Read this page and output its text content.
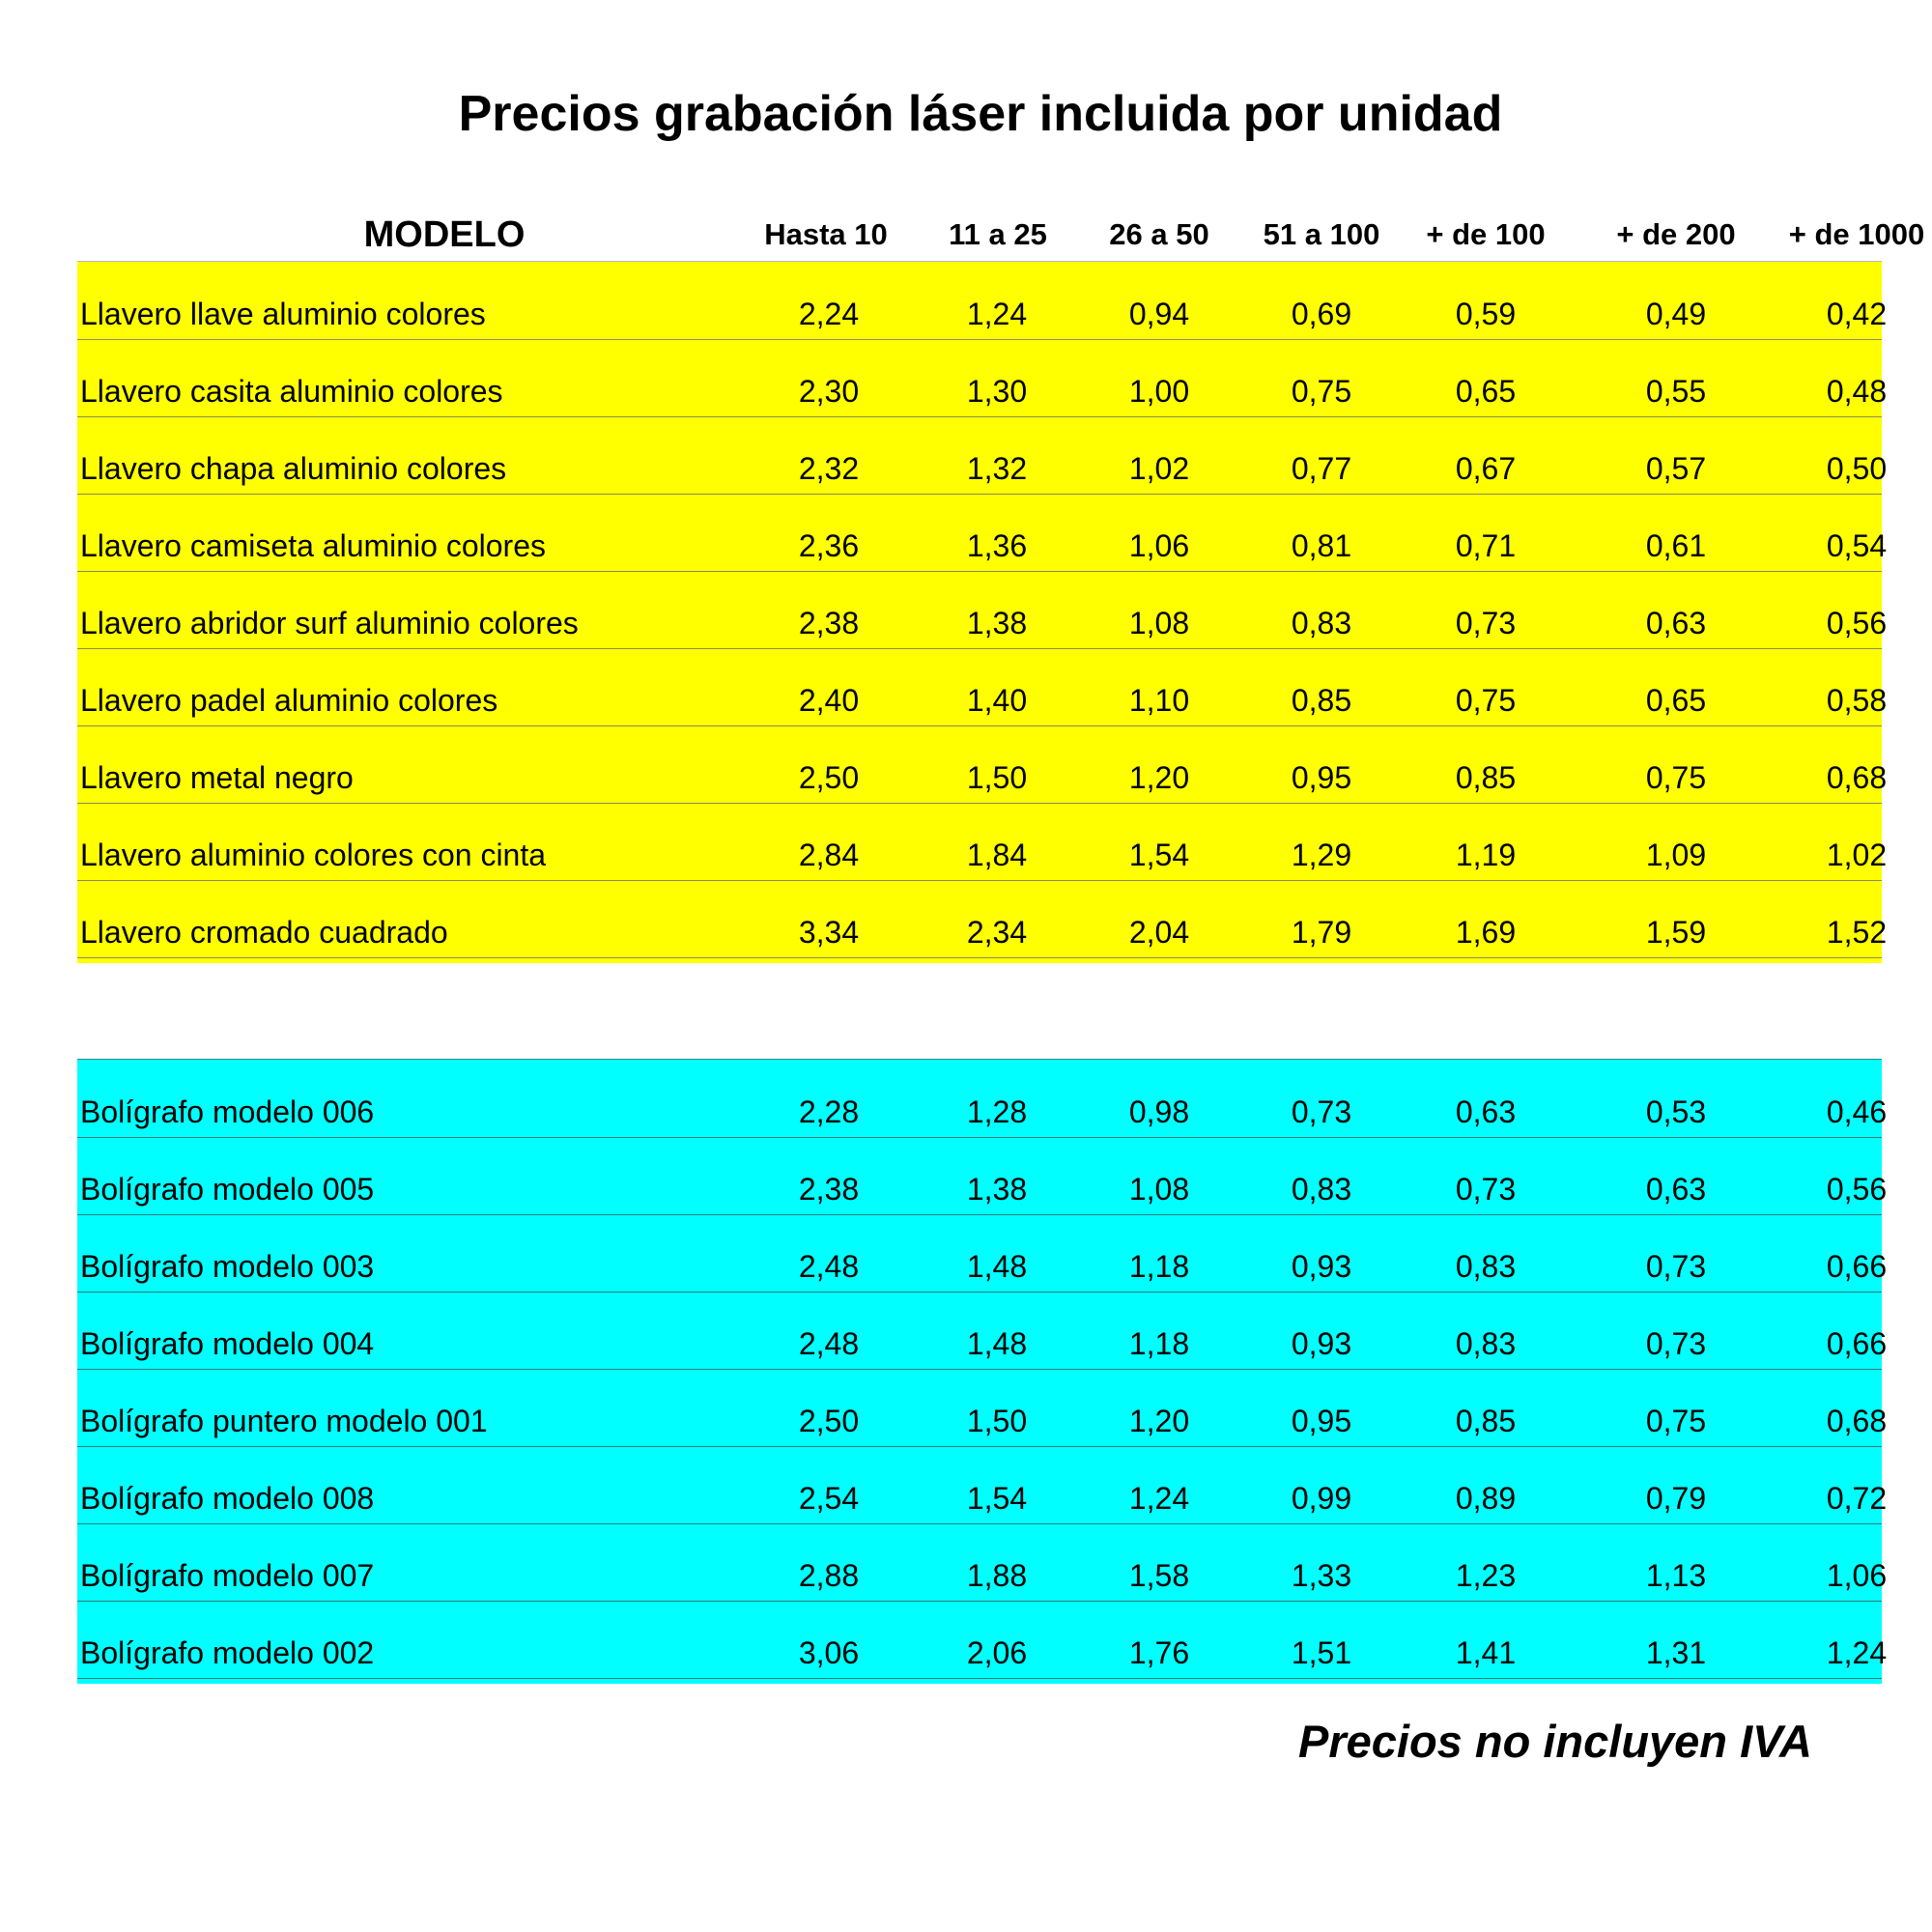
Precios grabación láser incluida por unidad
MODELO	Hasta 10	11 a 25	26 a 50	51 a 100	+ de 100	+ de 200	+ de 1000
Llavero llave aluminio colores	2,24	1,24	0,94	0,69	0,59	0,49	0,42
Llavero casita aluminio colores	2,30	1,30	1,00	0,75	0,65	0,55	0,48
Llavero chapa aluminio colores	2,32	1,32	1,02	0,77	0,67	0,57	0,50
Llavero camiseta aluminio colores	2,36	1,36	1,06	0,81	0,71	0,61	0,54
Llavero abridor surf aluminio colores	2,38	1,38	1,08	0,83	0,73	0,63	0,56
Llavero padel aluminio colores	2,40	1,40	1,10	0,85	0,75	0,65	0,58
Llavero metal negro	2,50	1,50	1,20	0,95	0,85	0,75	0,68
Llavero aluminio colores con cinta	2,84	1,84	1,54	1,29	1,19	1,09	1,02
Llavero cromado cuadrado	3,34	2,34	2,04	1,79	1,69	1,59	1,52
Bolígrafo modelo 006	2,28	1,28	0,98	0,73	0,63	0,53	0,46
Bolígrafo modelo 005	2,38	1,38	1,08	0,83	0,73	0,63	0,56
Bolígrafo modelo 003	2,48	1,48	1,18	0,93	0,83	0,73	0,66
Bolígrafo modelo 004	2,48	1,48	1,18	0,93	0,83	0,73	0,66
Bolígrafo puntero modelo 001	2,50	1,50	1,20	0,95	0,85	0,75	0,68
Bolígrafo modelo 008	2,54	1,54	1,24	0,99	0,89	0,79	0,72
Bolígrafo modelo 007	2,88	1,88	1,58	1,33	1,23	1,13	1,06
Bolígrafo modelo 002	3,06	2,06	1,76	1,51	1,41	1,31	1,24
Precios no incluyen IVA
